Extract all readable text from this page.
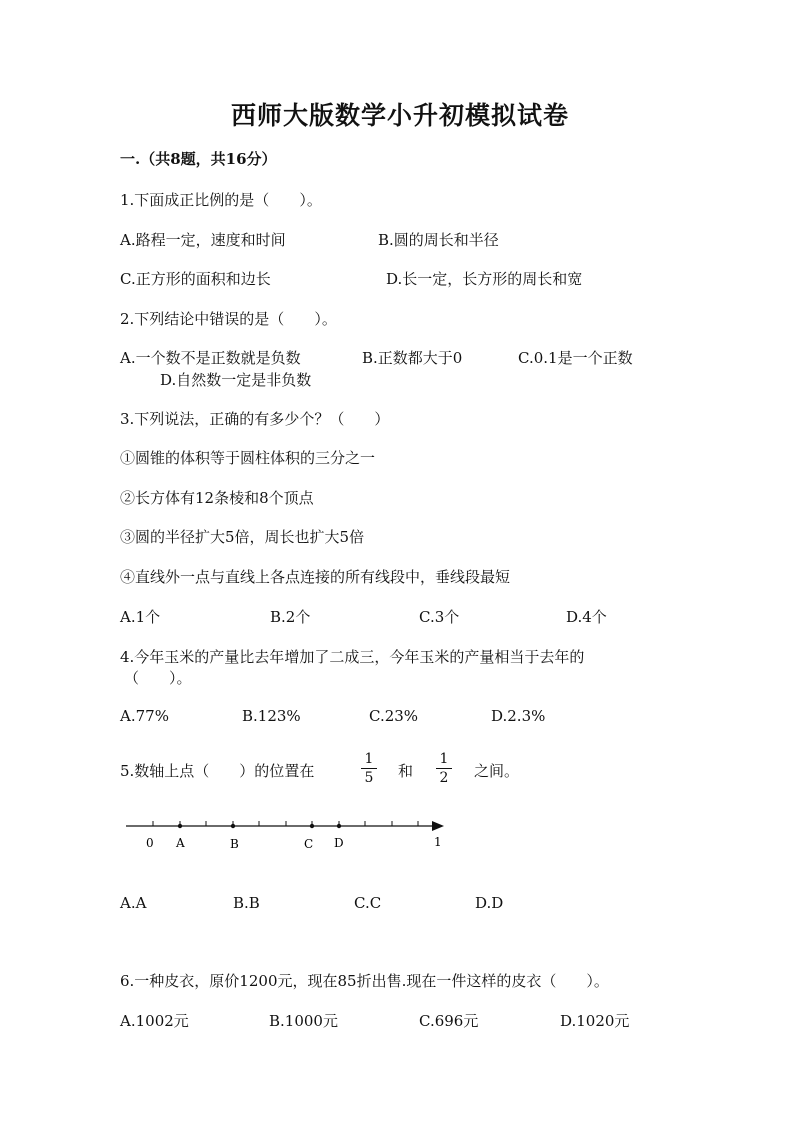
西师大版数学小升初模拟试卷
一.（共8题，共16分）
1.下面成正比例的是（　　）。
A.路程一定，速度和时间	B.圆的周长和半径
C.正方形的面积和边长	D.长一定，长方形的周长和宽
2.下列结论中错误的是（　　）。
A.一个数不是正数就是负数	B.正数都大于0	C.0.1是一个正数
D.自然数一定是非负数
3.下列说法，正确的有多少个？（　　）
①圆锥的体积等于圆柱体积的三分之一
②长方体有12条棱和8个顶点
③圆的半径扩大5倍，周长也扩大5倍
④直线外一点与直线上各点连接的所有线段中，垂线段最短
A.1个	B.2个	C.3个	D.4个
4.今年玉米的产量比去年增加了二成三，今年玉米的产量相当于去年的
（　　）。
A.77%	B.123%	C.23%	D.2.3%
5.数轴上点（　　）的位置在
1
5 和
1
2 之间。
0 A	B	C D	1
A.A	B.B	C.C	D.D
6.一种皮衣，原价1200元，现在85折出售.现在一件这样的皮衣（　　）。
A.1002元	B.1000元	C.696元	D.1020元
